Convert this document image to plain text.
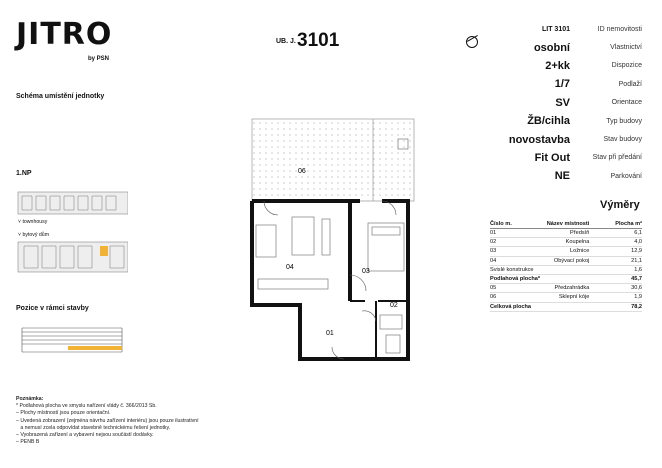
JITRO
by PSN
UB. J. 3101
LIT 3101	ID nemovitosti
osobní	Vlastnictví
2+kk	Dispozice
1/7	Podlaží
SV	Orientace
ŽB/cihla	Typ budovy
novostavba	Stav budovy
Fit Out	Stav při předání
NE	Parkování
Schéma umístění jednotky
1.NP
˅ townhousy
˅ bytový dům
Pozice v rámci stavby
06
04
03
02
01
Výměry
Číslo m.	Název místnosti	Plocha m²
01	Předsíň	6,1
02	Koupelna	4,0
03	Ložnice	12,9
04	Obývací pokoj	21,1
Svislé konstrukce		1,6
Podlahová plocha*		45,7
05	Předzahrádka	30,6
06	Sklepní kóje	1,9
Celková plocha		78,2
Poznámka:
* Podlahová plocha ve smyslu nařízení vlády č. 366/2013 Sb.
– Plochy místností jsou pouze orientační.
– Uvedená zobrazení (zejména návrhu zařízení interiéru) jsou pouze ilustrativní
a nemusí zcela odpovídat stavebně technickému řešení jednotky.
– Vyobrazená zařízení a vybavení nejsou součástí dodávky.
– PENB B
